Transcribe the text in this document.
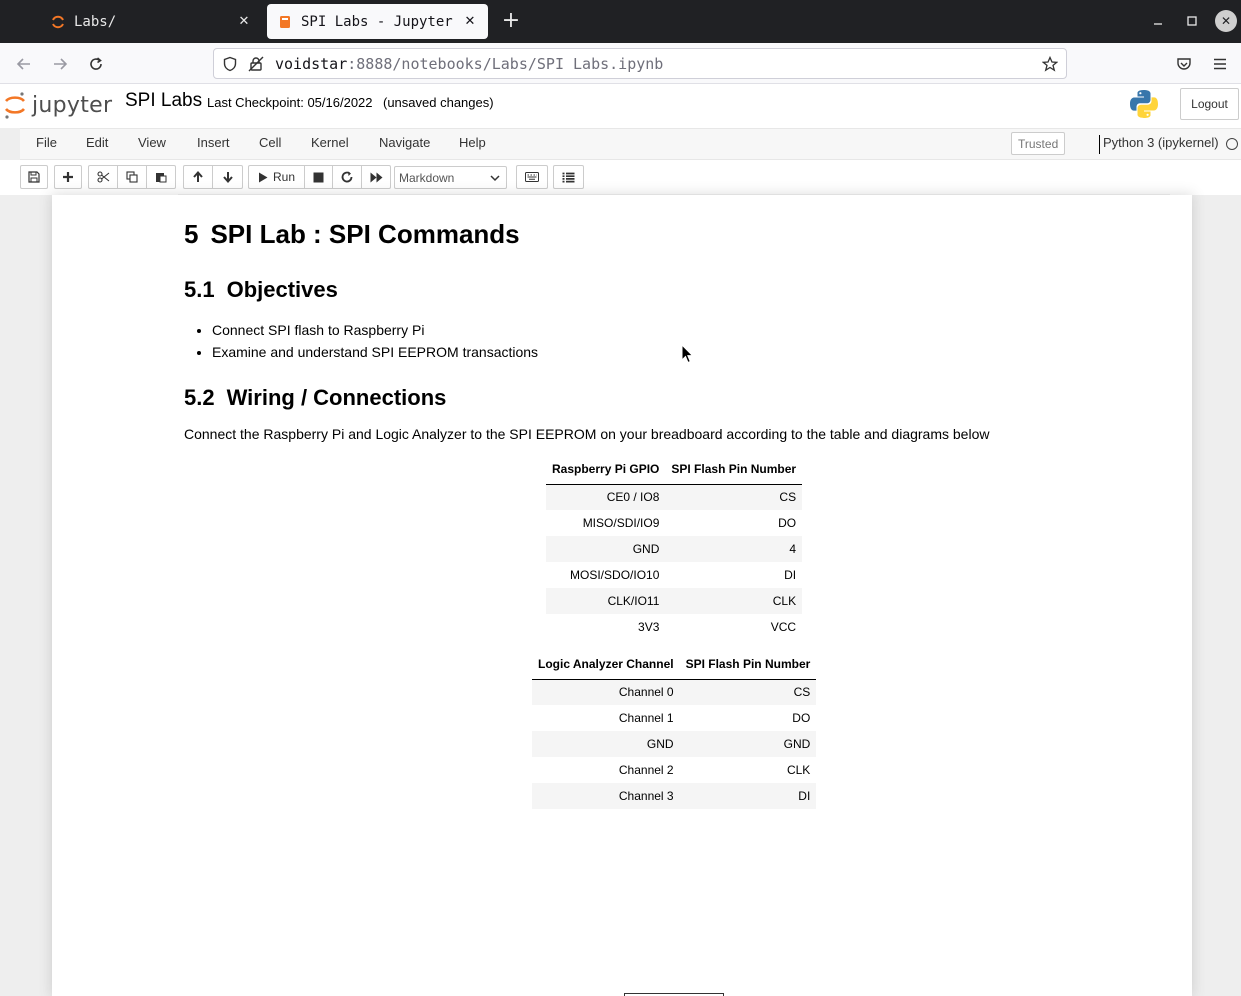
Labs/	✕	SPI Labs - Jupyter ✕ +	✕
voidstar:8888/notebooks/Labs/SPI Labs.ipynb
jupyter SPI Labs Last Checkpoint: 05/16/2022 (unsaved changes)	Logout
File Edit View Insert Cell Kernel Navigate Help	Trusted	Python 3 (ipykernel)
Run	Markdown
5 SPI Lab : SPI Commands
5.1 Objectives
• Connect SPI flash to Raspberry Pi
• Examine and understand SPI EEPROM transactions
5.2 Wiring / Connections
Connect the Raspberry Pi and Logic Analyzer to the SPI EEPROM on your breadboard according to the table and diagrams below
Raspberry Pi GPIO	SPI Flash Pin Number
CE0 / IO8	CS
MISO/SDI/IO9	DO
GND	4
MOSI/SDO/IO10	DI
CLK/IO11	CLK
3V3	VCC
Logic Analyzer Channel	SPI Flash Pin Number
Channel 0	CS
Channel 1	DO
GND	GND
Channel 2	CLK
Channel 3	DI
